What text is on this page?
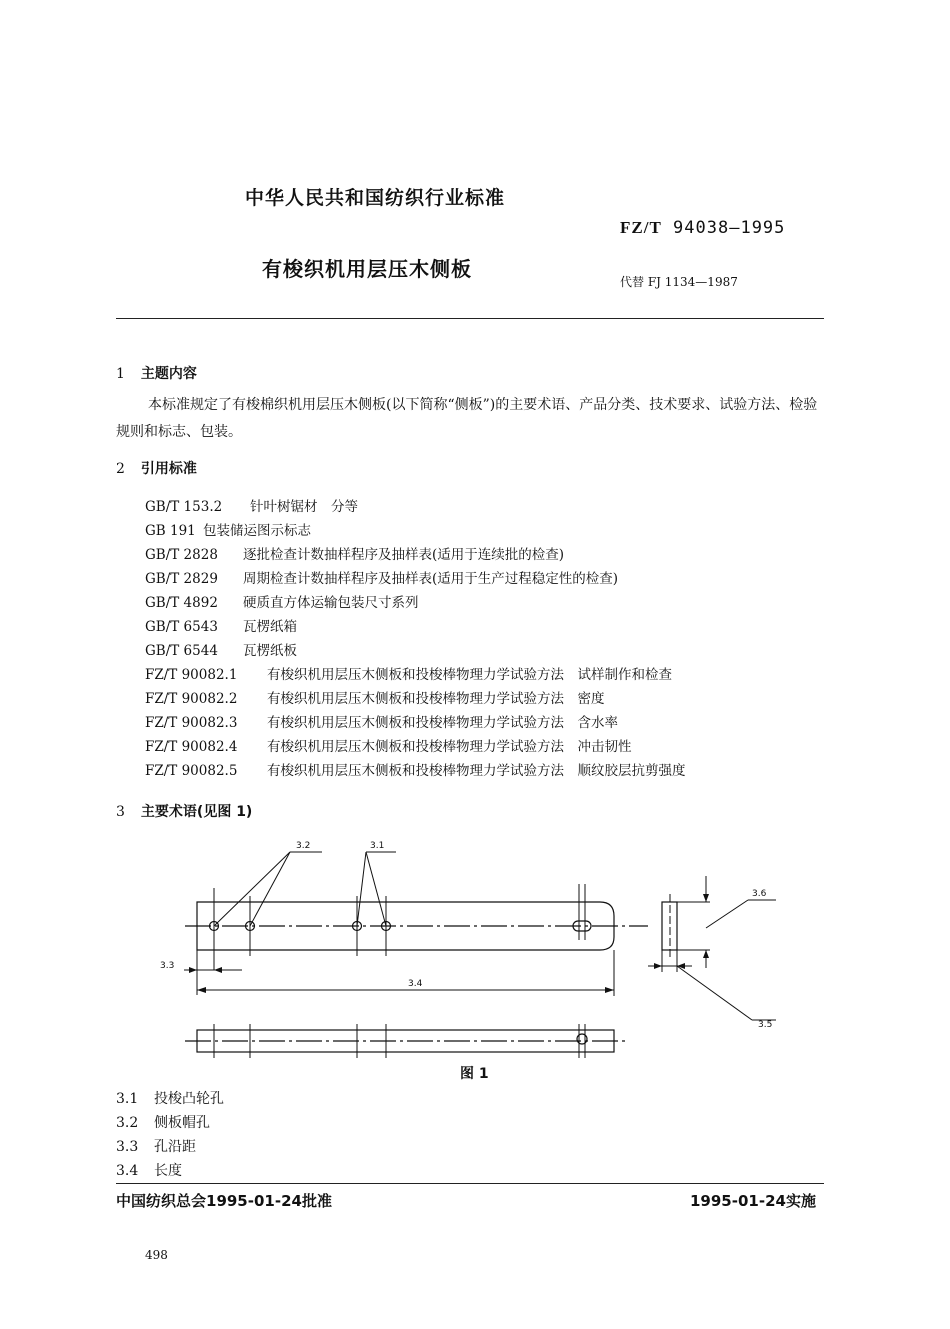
中华人民共和国纺织行业标准
FZ/T 94038—1995
有梭织机用层压木侧板
代替 FJ 1134—1987
1 主题内容
本标准规定了有梭棉织机用层压木侧板(以下简称“侧板”)的主要术语、产品分类、技术要求、试验方法、检验规则和标志、包装。
2 引用标准
GB/T 153.2 针叶树锯材　分等
GB 191 包装储运图示标志
GB/T 2828 逐批检查计数抽样程序及抽样表(适用于连续批的检查)
GB/T 2829 周期检查计数抽样程序及抽样表(适用于生产过程稳定性的检查)
GB/T 4892 硬质直方体运输包装尺寸系列
GB/T 6543 瓦楞纸箱
GB/T 6544 瓦楞纸板
FZ/T 90082.1 有梭织机用层压木侧板和投梭棒物理力学试验方法　试样制作和检查
FZ/T 90082.2 有梭织机用层压木侧板和投梭棒物理力学试验方法　密度
FZ/T 90082.3 有梭织机用层压木侧板和投梭棒物理力学试验方法　含水率
FZ/T 90082.4 有梭织机用层压木侧板和投梭棒物理力学试验方法　冲击韧性
FZ/T 90082.5 有梭织机用层压木侧板和投梭棒物理力学试验方法　顺纹胶层抗剪强度
3 主要术语(见图 1)
3.2	3.1
3.6
3.3
3.4
3.5
图 1
3.1 投梭凸轮孔
3.2 侧板帽孔
3.3 孔沿距
3.4 长度
中国纺织总会1995-01-24批准	1995-01-24实施
498
